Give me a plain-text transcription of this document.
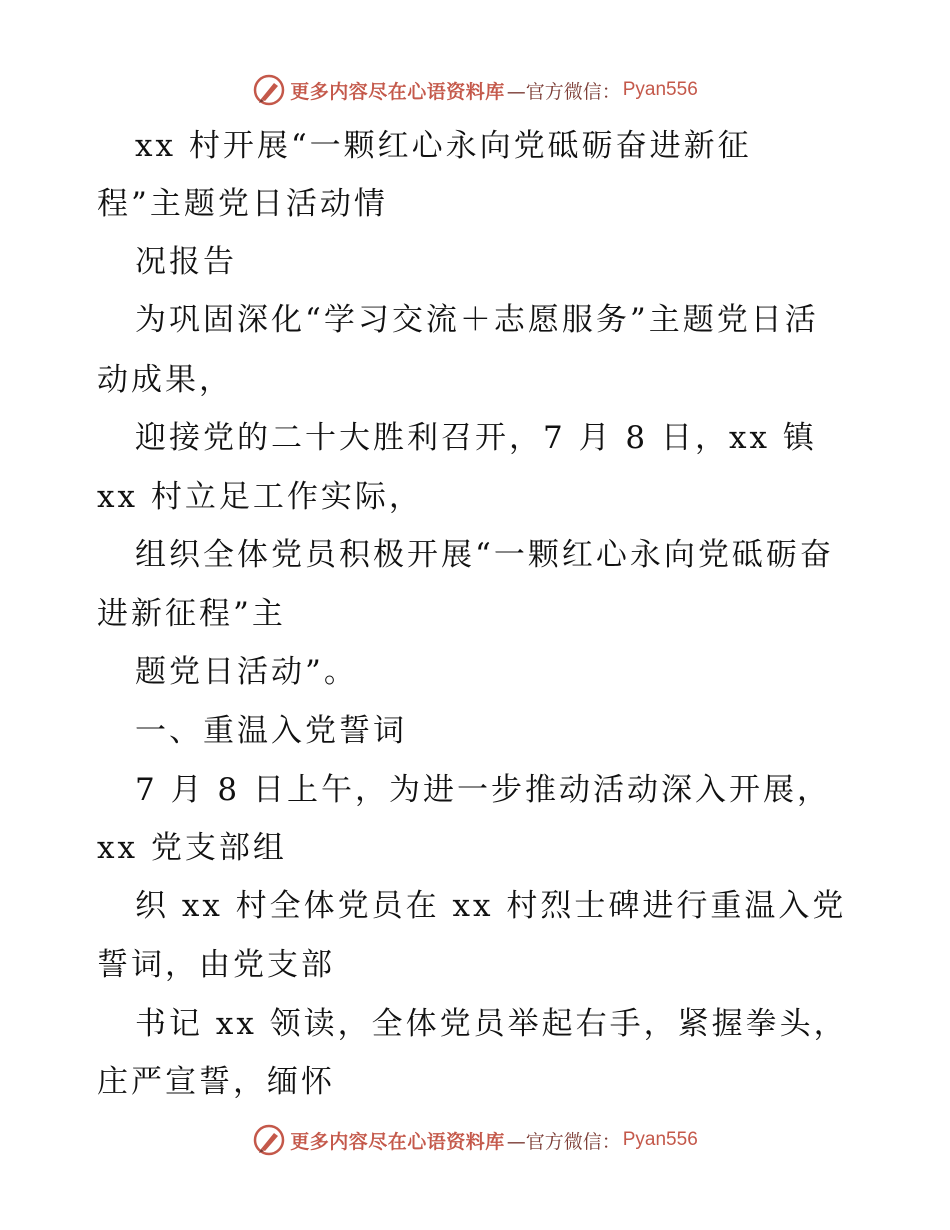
更多内容尽在心语资料库 —官方微信： Pyan556
xx 村开展“一颗红心永向党砥砺奋进新征
程”主题党日活动情
况报告
为巩固深化“学习交流＋志愿服务”主题党日活
动成果，
迎接党的二十大胜利召开，7 月 8 日，xx 镇
xx 村立足工作实际，
组织全体党员积极开展“一颗红心永向党砥砺奋
进新征程”主
题党日活动”。
一、重温入党誓词
7 月 8 日上午，为进一步推动活动深入开展，
xx 党支部组
织 xx 村全体党员在 xx 村烈士碑进行重温入党
誓词，由党支部
书记 xx 领读，全体党员举起右手，紧握拳头，
庄严宣誓，缅怀
更多内容尽在心语资料库 —官方微信： Pyan556
